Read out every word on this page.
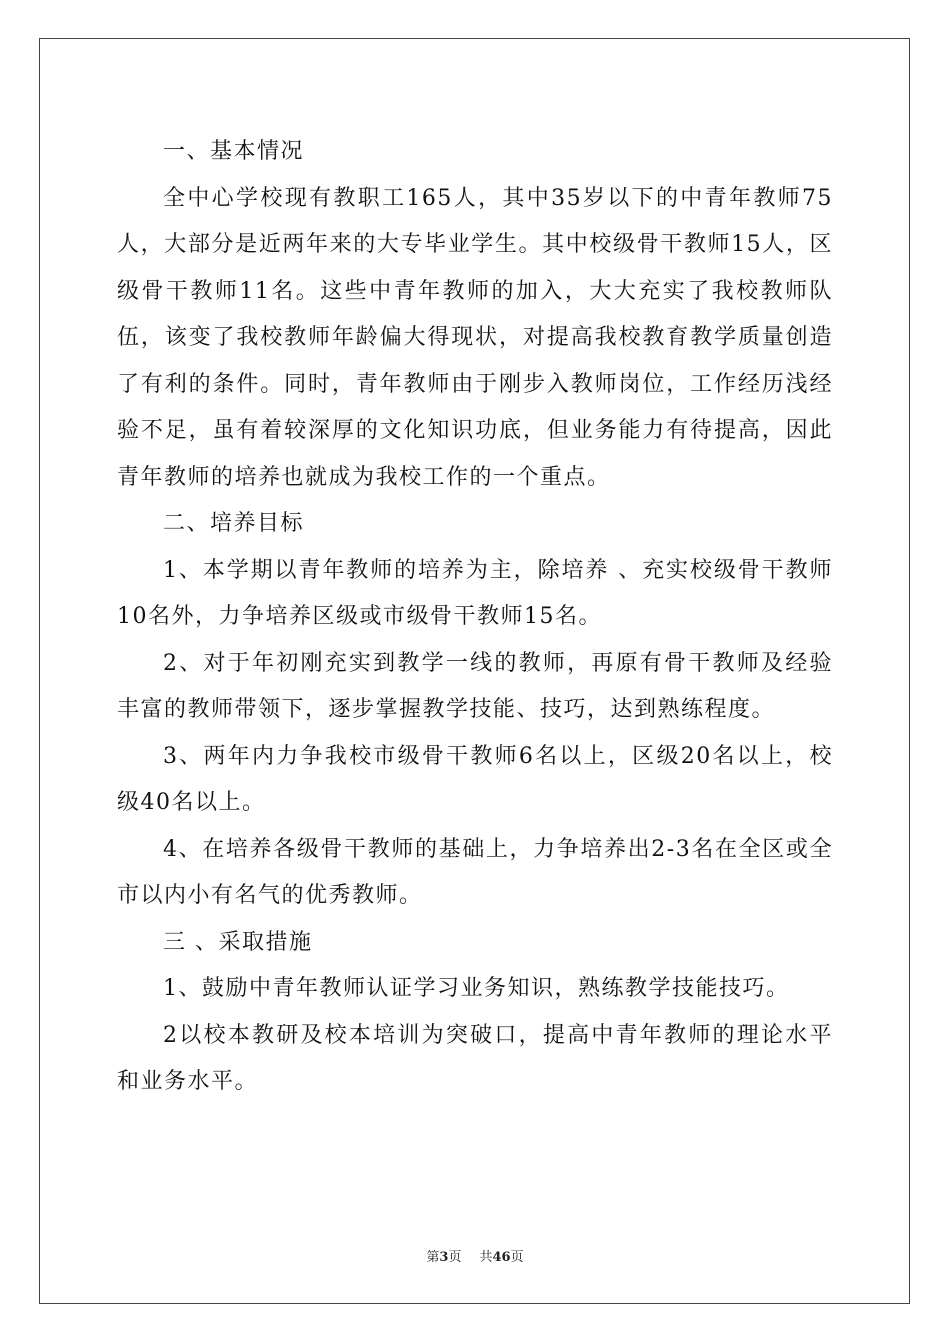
一、基本情况

全中心学校现有教职工165人，其中35岁以下的中青年教师75人，大部分是近两年来的大专毕业学生。其中校级骨干教师15人，区级骨干教师11名。这些中青年教师的加入，大大充实了我校教师队伍，该变了我校教师年龄偏大得现状，对提高我校教育教学质量创造了有利的条件。同时，青年教师由于刚步入教师岗位，工作经历浅经验不足，虽有着较深厚的文化知识功底，但业务能力有待提高，因此青年教师的培养也就成为我校工作的一个重点。

二、培养目标

1、本学期以青年教师的培养为主，除培养 、充实校级骨干教师10名外，力争培养区级或市级骨干教师15名。

2、对于年初刚充实到教学一线的教师，再原有骨干教师及经验丰富的教师带领下，逐步掌握教学技能、技巧，达到熟练程度。

3、两年内力争我校市级骨干教师6名以上，区级20名以上，校级40名以上。

4、在培养各级骨干教师的基础上，力争培养出2-3名在全区或全市以内小有名气的优秀教师。

三 、采取措施

1、鼓励中青年教师认证学习业务知识，熟练教学技能技巧。

2以校本教研及校本培训为突破口，提高中青年教师的理论水平和业务水平。

第3页 共46页
